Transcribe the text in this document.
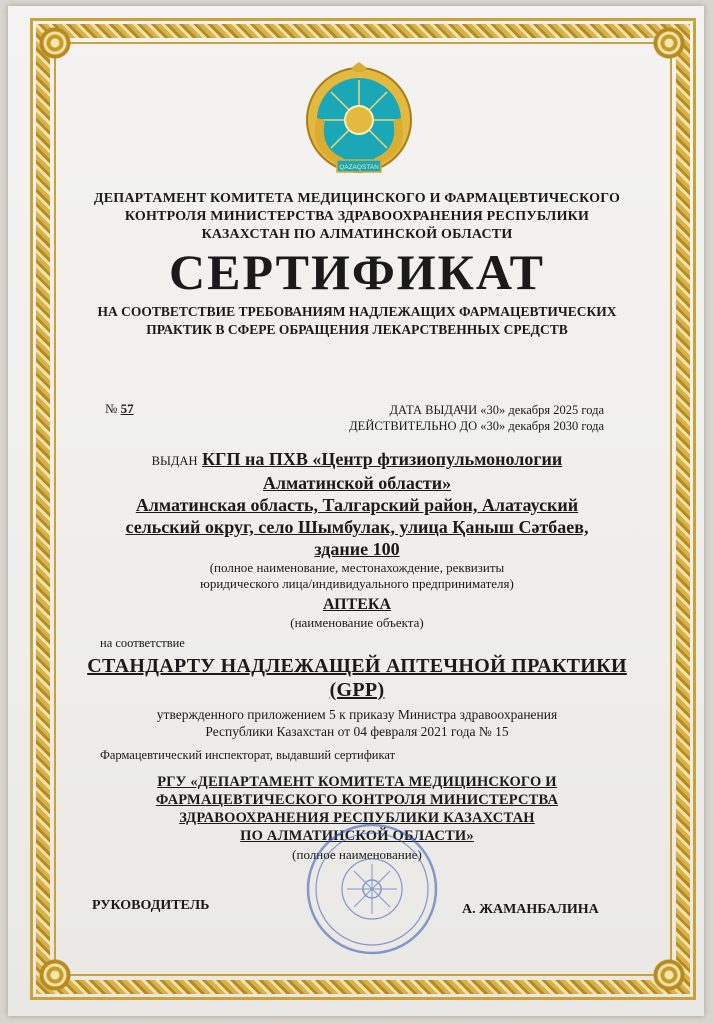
QAZAQSTAN
ДЕПАРТАМЕНТ КОМИТЕТА МЕДИЦИНСКОГО И ФАРМАЦЕВТИЧЕСКОГО
КОНТРОЛЯ МИНИСТЕРСТВА ЗДРАВООХРАНЕНИЯ РЕСПУБЛИКИ
КАЗАХСТАН ПО АЛМАТИНСКОЙ ОБЛАСТИ
СЕРТИФИКАТ
НА СООТВЕТСТВИЕ ТРЕБОВАНИЯМ НАДЛЕЖАЩИХ ФАРМАЦЕВТИЧЕСКИХ
ПРАКТИК В СФЕРЕ ОБРАЩЕНИЯ ЛЕКАРСТВЕННЫХ СРЕДСТВ
№ 57	ДАТА ВЫДАЧИ «30» декабря 2025 года
ДЕЙСТВИТЕЛЬНО ДО «30» декабря 2030 года
ВЫДАН КГП на ПХВ «Центр фтизиопульмонологии
Алматинской области»
Алматинская область, Талгарский район, Алатауский
сельский округ, село Шымбулак, улица Қаныш Сәтбаев,
здание 100
(полное наименование, местонахождение, реквизиты
юридического лица/индивидуального предпринимателя)
АПТЕКА
(наименование объекта)
на соответствие
СТАНДАРТУ НАДЛЕЖАЩЕЙ АПТЕЧНОЙ ПРАКТИКИ
(GPP)
утвержденного приложением 5 к приказу Министра здравоохранения
Республики Казахстан от 04 февраля 2021 года № 15
Фармацевтический инспекторат, выдавший сертификат
РГУ «ДЕПАРТАМЕНТ КОМИТЕТА МЕДИЦИНСКОГО И
ФАРМАЦЕВТИЧЕСКОГО КОНТРОЛЯ МИНИСТЕРСТВА
ЗДРАВООХРАНЕНИЯ РЕСПУБЛИКИ КАЗАХСТАН
ПО АЛМАТИНСКОЙ ОБЛАСТИ»
(полное наименование)
РУКОВОДИТЕЛЬ	А. ЖАМАНБАЛИНА
